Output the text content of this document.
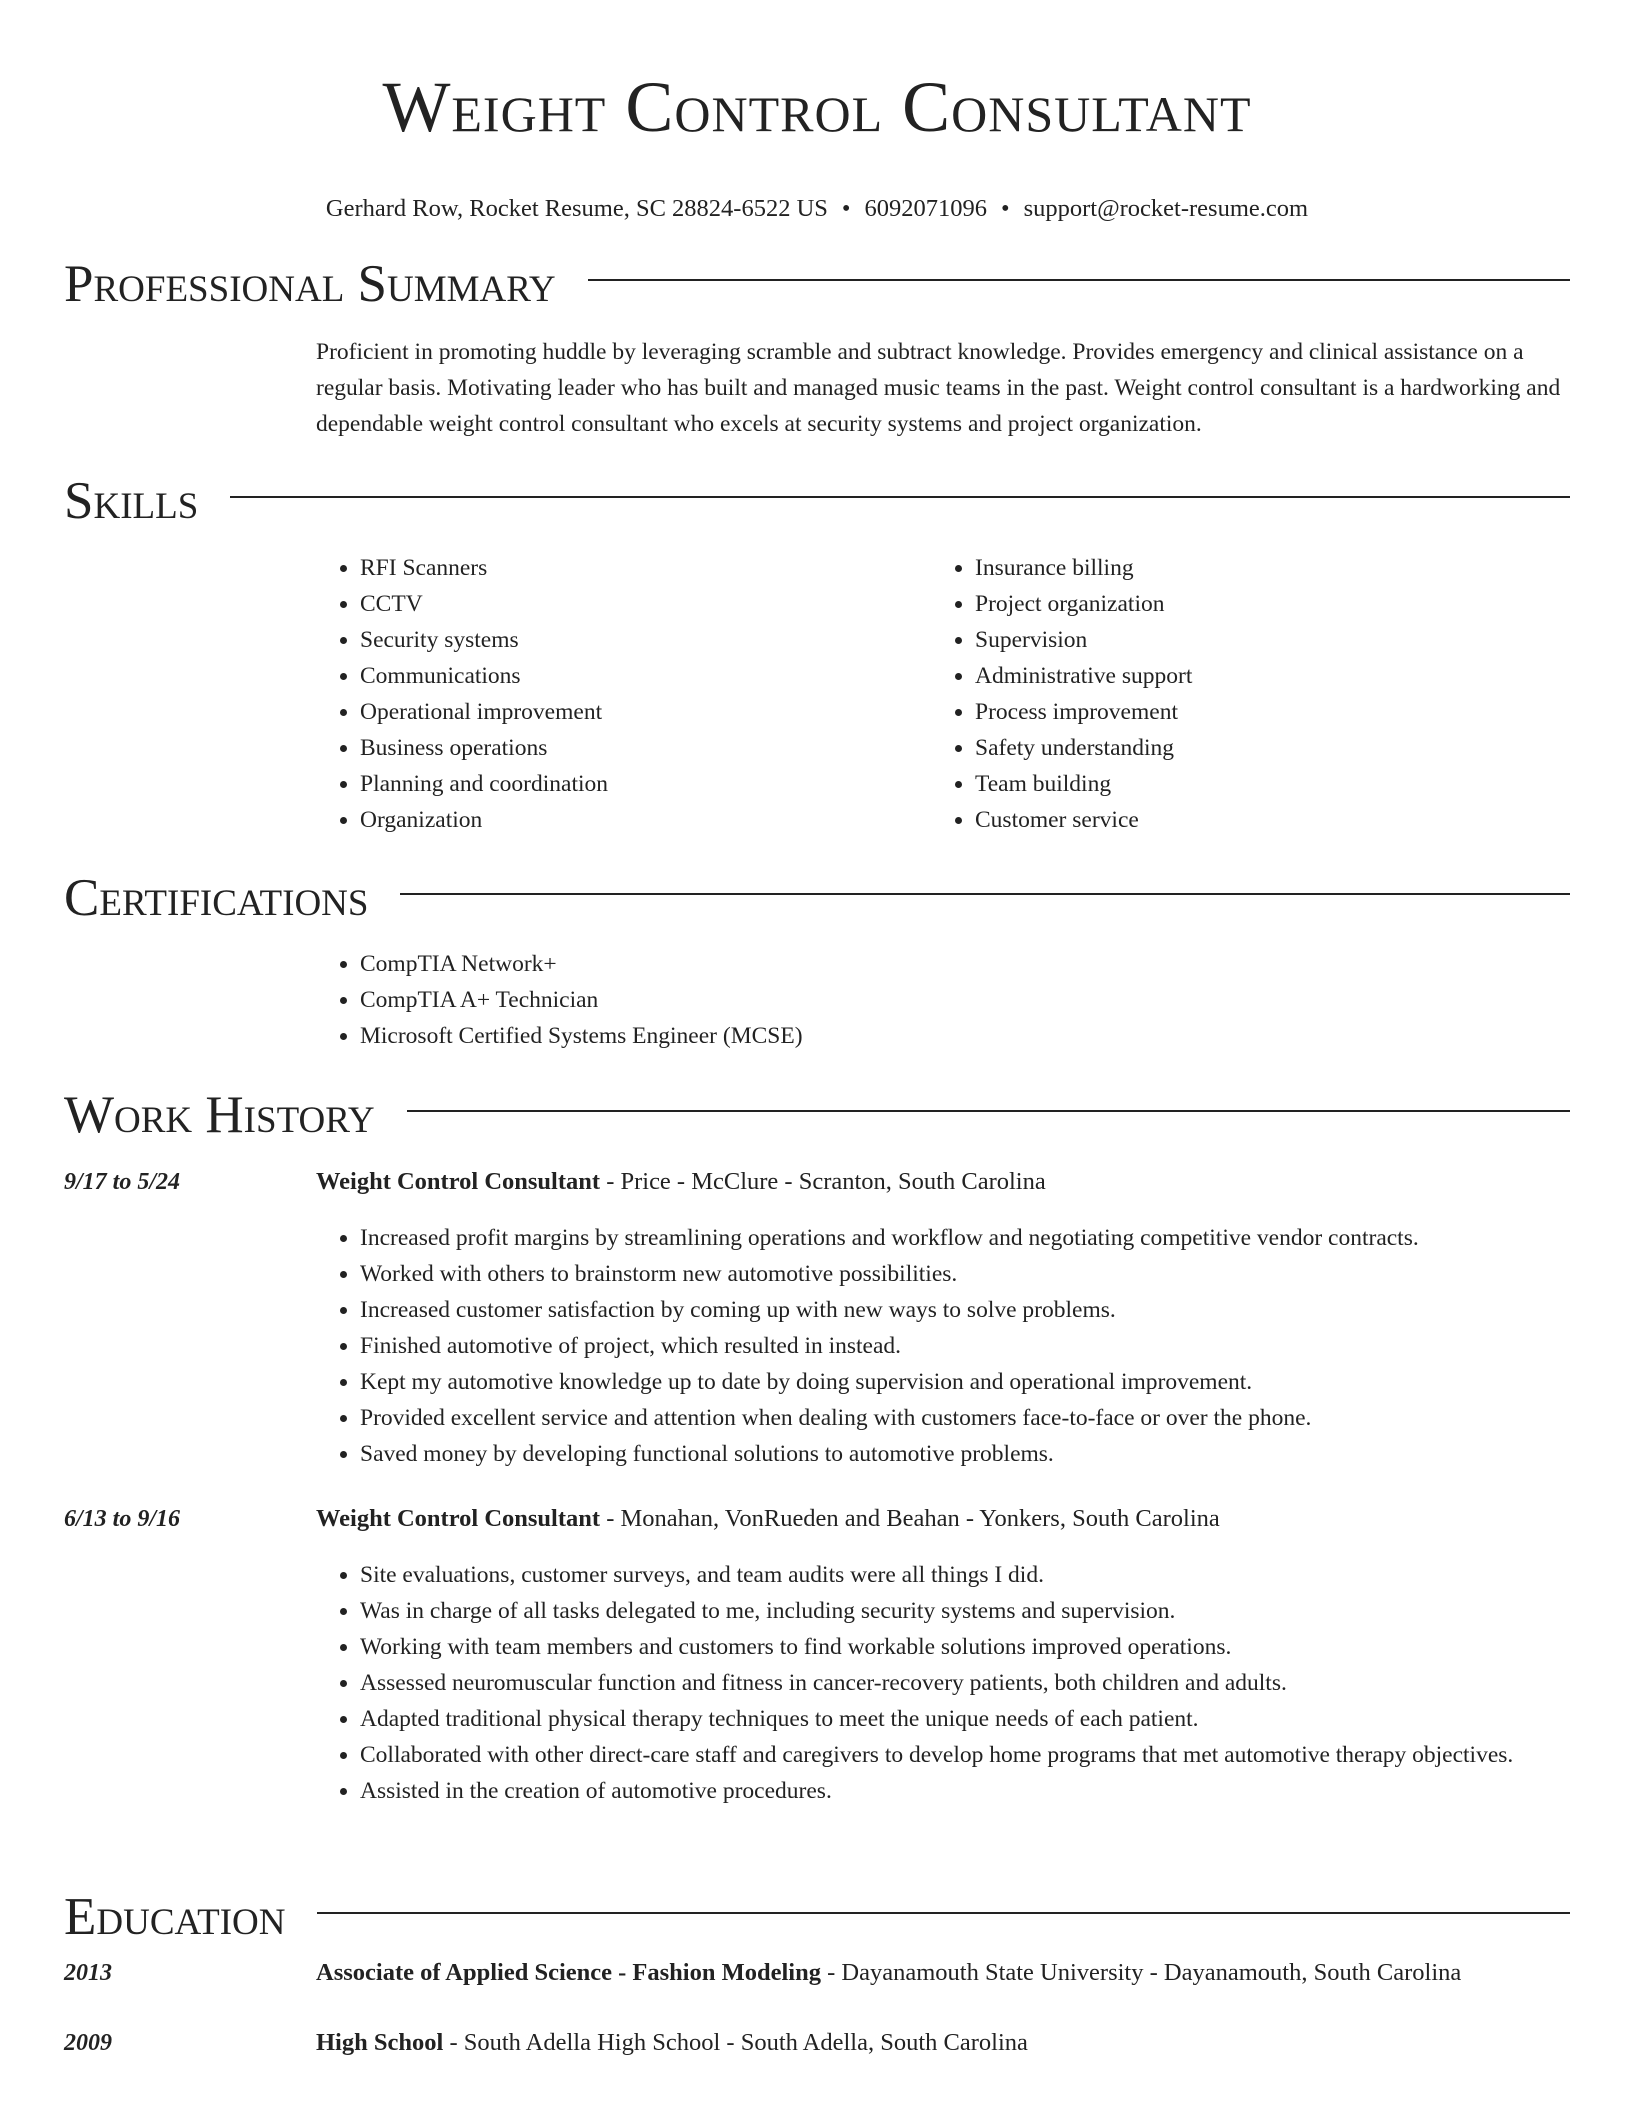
Weight Control Consultant
Gerhard Row, Rocket Resume, SC 28824-6522 US • 6092071096 • support@rocket-resume.com
Professional Summary
Proficient in promoting huddle by leveraging scramble and subtract knowledge. Provides emergency and clinical assistance on a regular basis. Motivating leader who has built and managed music teams in the past. Weight control consultant is a hardworking and dependable weight control consultant who excels at security systems and project organization.
Skills
• RFI Scanners
• CCTV
• Security systems
• Communications
• Operational improvement
• Business operations
• Planning and coordination
• Organization
• Insurance billing
• Project organization
• Supervision
• Administrative support
• Process improvement
• Safety understanding
• Team building
• Customer service
Certifications
• CompTIA Network+
• CompTIA A+ Technician
• Microsoft Certified Systems Engineer (MCSE)
Work History
9/17 to 5/24	Weight Control Consultant - Price - McClure - Scranton, South Carolina
• Increased profit margins by streamlining operations and workflow and negotiating competitive vendor contracts.
• Worked with others to brainstorm new automotive possibilities.
• Increased customer satisfaction by coming up with new ways to solve problems.
• Finished automotive of project, which resulted in instead.
• Kept my automotive knowledge up to date by doing supervision and operational improvement.
• Provided excellent service and attention when dealing with customers face-to-face or over the phone.
• Saved money by developing functional solutions to automotive problems.
6/13 to 9/16	Weight Control Consultant - Monahan, VonRueden and Beahan - Yonkers, South Carolina
• Site evaluations, customer surveys, and team audits were all things I did.
• Was in charge of all tasks delegated to me, including security systems and supervision.
• Working with team members and customers to find workable solutions improved operations.
• Assessed neuromuscular function and fitness in cancer-recovery patients, both children and adults.
• Adapted traditional physical therapy techniques to meet the unique needs of each patient.
• Collaborated with other direct-care staff and caregivers to develop home programs that met automotive therapy objectives.
• Assisted in the creation of automotive procedures.
Education
2013	Associate of Applied Science - Fashion Modeling - Dayanamouth State University - Dayanamouth, South Carolina
2009	High School - South Adella High School - South Adella, South Carolina
